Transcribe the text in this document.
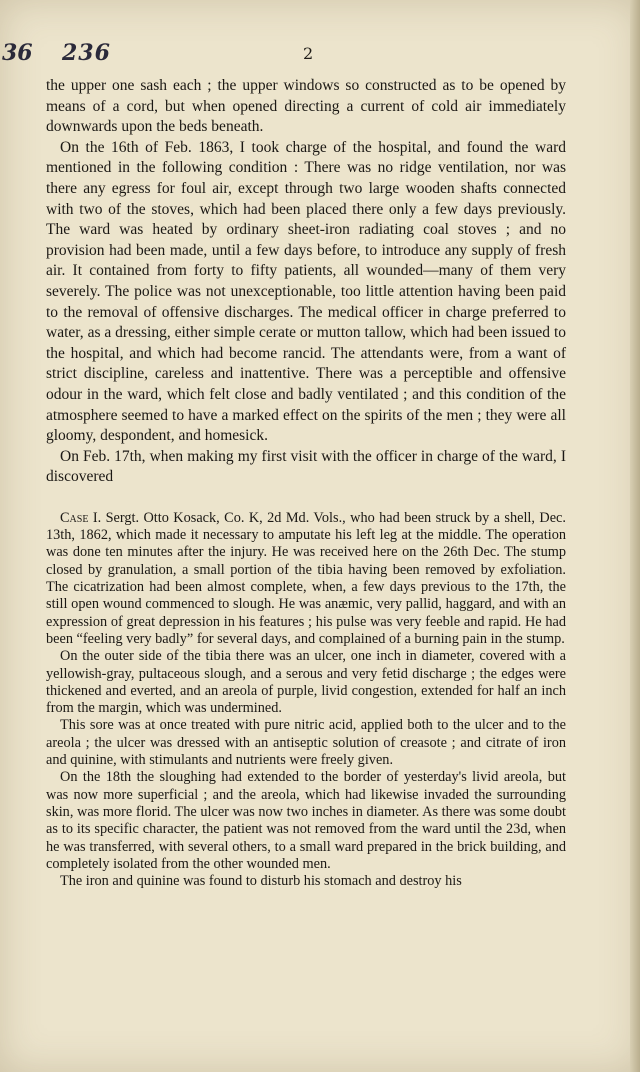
36 236	2

the upper one sash each ; the upper windows so constructed as to be opened by means of a cord, but when opened directing a current of cold air immediately downwards upon the beds beneath.

On the 16th of Feb. 1863, I took charge of the hospital, and found the ward mentioned in the following condition : There was no ridge ventilation, nor was there any egress for foul air, except through two large wooden shafts connected with two of the stoves, which had been placed there only a few days previously. The ward was heated by ordinary sheet-iron radiating coal stoves ; and no provision had been made, until a few days before, to introduce any supply of fresh air. It contained from forty to fifty patients, all wounded—many of them very severely. The police was not unexceptionable, too little attention having been paid to the removal of offensive discharges. The medical officer in charge preferred to water, as a dressing, either simple cerate or mutton tallow, which had been issued to the hospital, and which had become rancid. The attendants were, from a want of strict discipline, careless and inattentive. There was a perceptible and offensive odour in the ward, which felt close and badly ventilated ; and this condition of the atmosphere seemed to have a marked effect on the spirits of the men ; they were all gloomy, despondent, and homesick.

On Feb. 17th, when making my first visit with the officer in charge of the ward, I discovered

Case I. Sergt. Otto Kosack, Co. K, 2d Md. Vols., who had been struck by a shell, Dec. 13th, 1862, which made it necessary to amputate his left leg at the middle. The operation was done ten minutes after the injury. He was received here on the 26th Dec. The stump closed by granulation, a small portion of the tibia having been removed by exfoliation. The cicatrization had been almost complete, when, a few days previous to the 17th, the still open wound commenced to slough. He was anæmic, very pallid, haggard, and with an expression of great depression in his features ; his pulse was very feeble and rapid. He had been “feeling very badly” for several days, and complained of a burning pain in the stump.

On the outer side of the tibia there was an ulcer, one inch in diameter, covered with a yellowish-gray, pultaceous slough, and a serous and very fetid discharge ; the edges were thickened and everted, and an areola of purple, livid congestion, extended for half an inch from the margin, which was undermined.

This sore was at once treated with pure nitric acid, applied both to the ulcer and to the areola ; the ulcer was dressed with an antiseptic solution of creasote ; and citrate of iron and quinine, with stimulants and nutrients were freely given.

On the 18th the sloughing had extended to the border of yesterday's livid areola, but was now more superficial ; and the areola, which had likewise invaded the surrounding skin, was more florid. The ulcer was now two inches in diameter. As there was some doubt as to its specific character, the patient was not removed from the ward until the 23d, when he was transferred, with several others, to a small ward prepared in the brick building, and completely isolated from the other wounded men.

The iron and quinine was found to disturb his stomach and destroy his
